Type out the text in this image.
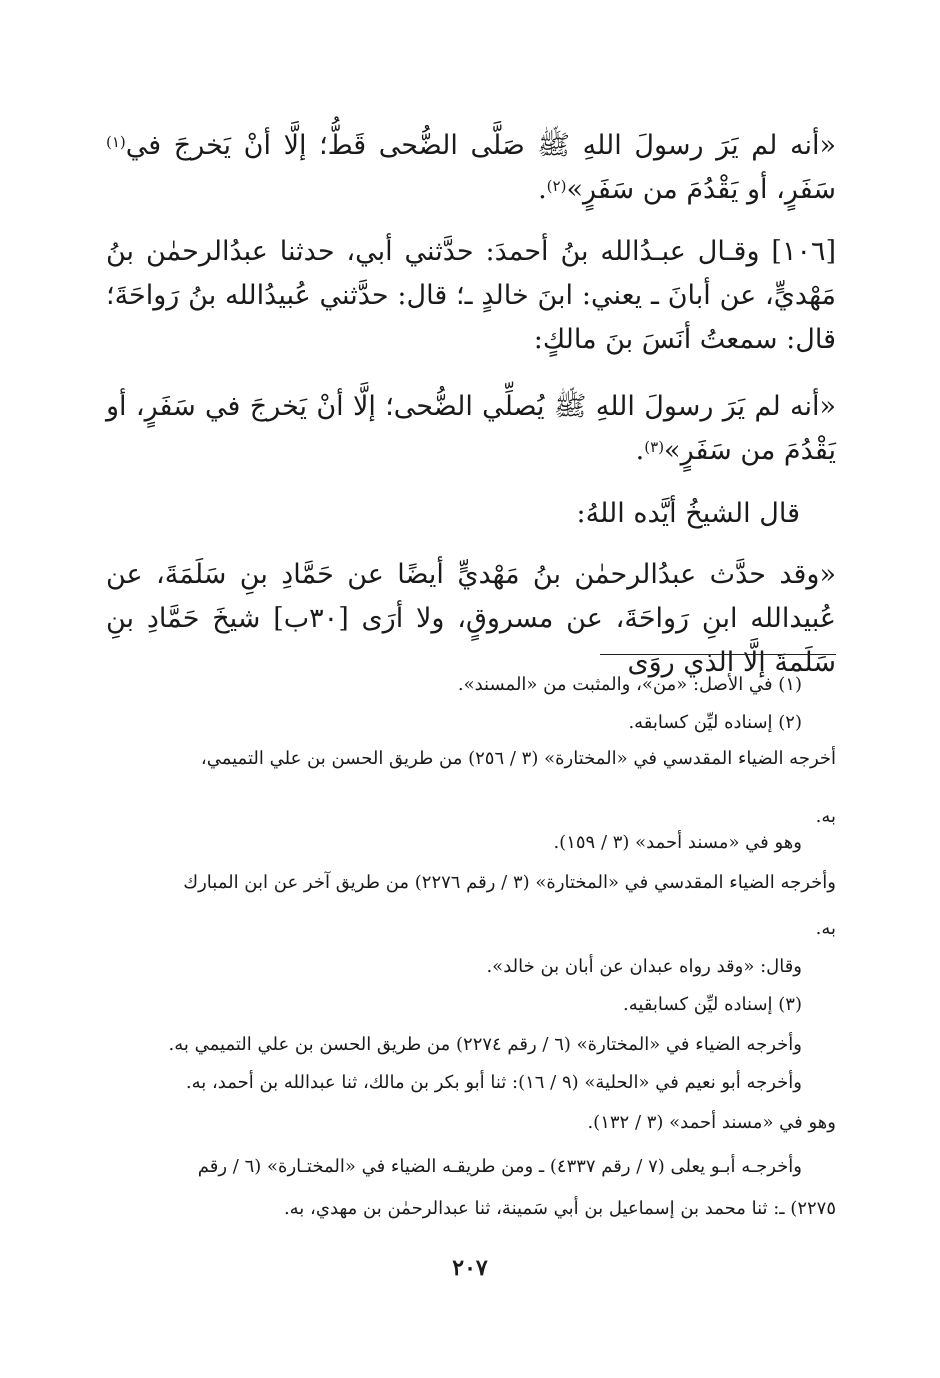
«أنه لم يَرَ رسولَ اللهِ ﷺ صَلَّى الضُّحى قَطُّ؛ إلَّا أنْ يَخرجَ في$^{(١)}$ سَفَرٍ، أو يَقْدُمَ من سَفَرٍ»$^{(٢)}$.

[١٠٦] وقـال عبـدُالله بنُ أحمدَ: حدَّثني أبي، حدثنا عبدُالرحمٰن بنُ مَهْديٍّ، عن أبانَ ـ يعني: ابنَ خالدٍ ـ؛ قال: حدَّثني عُبيدُالله بنُ رَواحَةَ؛ قال: سمعتُ أنَسَ بنَ مالكٍ:

«أنه لم يَرَ رسولَ اللهِ ﷺ يُصلِّي الضُّحى؛ إلَّا أنْ يَخرجَ في سَفَرٍ، أو يَقْدُمَ من سَفَرٍ»$^{(٣)}$.

قال الشيخُ أيَّده اللهُ:

«وقد حدَّث عبدُالرحمٰن بنُ مَهْديٍّ أيضًا عن حَمَّادِ بنِ سَلَمَةَ، عن عُبيدالله ابنِ رَواحَةَ، عن مسروقٍ، ولا أرَى [٣٠ب] شيخَ حَمَّادِ بنِ سَلَمةَ إلَّا الذي روَى

(١) في الأصل: «من»، والمثبت من «المسند».

(٢) إسناده ليِّن كسابقه.

أخرجه الضياء المقدسي في «المختارة» (٣ / ٢٥٦) من طريق الحسن بن علي التميمي،

به.

وهو في «مسند أحمد» (٣ / ١٥٩).

وأخرجه الضياء المقدسي في «المختارة» (٣ / رقم ٢٢٧٦) من طريق آخر عن ابن المبارك

به.

وقال: «وقد رواه عبدان عن أبان بن خالد».

(٣) إسناده ليِّن كسابقيه.

وأخرجه الضياء في «المختارة» (٦ / رقم ٢٢٧٤) من طريق الحسن بن علي التميمي به.

وأخرجه أبو نعيم في «الحلية» (٩ / ١٦): ثنا أبو بكر بن مالك، ثنا عبدالله بن أحمد، به.

وهو في «مسند أحمد» (٣ / ١٣٢).

وأخرجـه أبـو يعلى (٧ / رقم ٤٣٣٧) ـ ومن طريقـه الضياء في «المختـارة» (٦ / رقم

٢٢٧٥) ـ: ثنا محمد بن إسماعيل بن أبي سَمينة، ثنا عبدالرحمٰن بن مهدي، به.

٢٠٧
